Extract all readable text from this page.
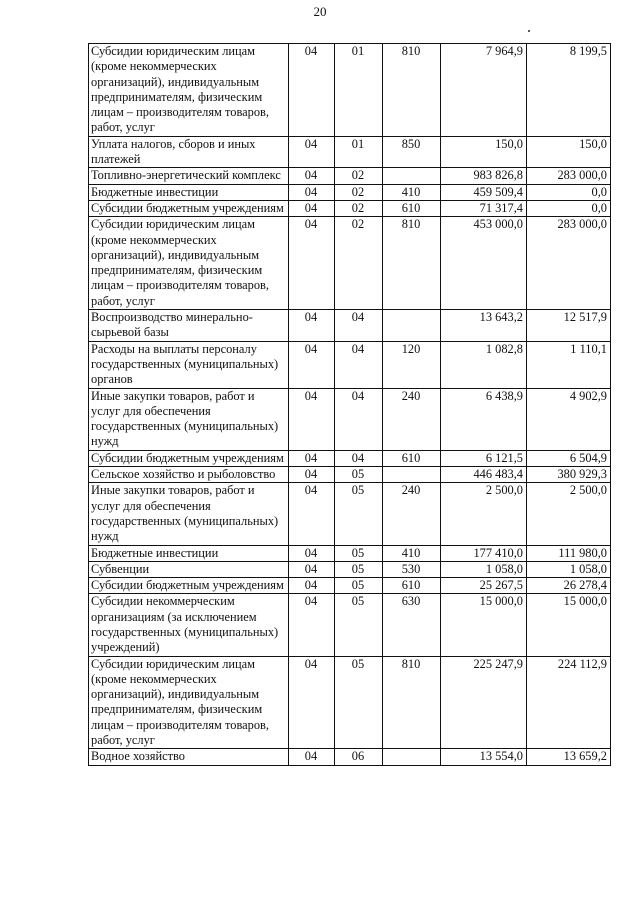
20
Субсидии юридическим лицам (кроме некоммерческих организаций), индивидуальным предпринимателям, физическим лицам – производителям товаров, работ, услуг	04	01	810	7 964,9	8 199,5
Уплата налогов, сборов и иных платежей	04	01	850	150,0	150,0
Топливно-энергетический комплекс	04	02		983 826,8	283 000,0
Бюджетные инвестиции	04	02	410	459 509,4	0,0
Субсидии бюджетным учреждениям	04	02	610	71 317,4	0,0
Субсидии юридическим лицам (кроме некоммерческих организаций), индивидуальным предпринимателям, физическим лицам – производителям товаров, работ, услуг	04	02	810	453 000,0	283 000,0
Воспроизводство минерально-сырьевой базы	04	04		13 643,2	12 517,9
Расходы на выплаты персоналу государственных (муниципальных) органов	04	04	120	1 082,8	1 110,1
Иные закупки товаров, работ и услуг для обеспечения государственных (муниципальных) нужд	04	04	240	6 438,9	4 902,9
Субсидии бюджетным учреждениям	04	04	610	6 121,5	6 504,9
Сельское хозяйство и рыболовство	04	05		446 483,4	380 929,3
Иные закупки товаров, работ и услуг для обеспечения государственных (муниципальных) нужд	04	05	240	2 500,0	2 500,0
Бюджетные инвестиции	04	05	410	177 410,0	111 980,0
Субвенции	04	05	530	1 058,0	1 058,0
Субсидии бюджетным учреждениям	04	05	610	25 267,5	26 278,4
Субсидии некоммерческим организациям (за исключением государственных (муниципальных) учреждений)	04	05	630	15 000,0	15 000,0
Субсидии юридическим лицам (кроме некоммерческих организаций), индивидуальным предпринимателям, физическим лицам – производителям товаров, работ, услуг	04	05	810	225 247,9	224 112,9
Водное хозяйство	04	06		13 554,0	13 659,2
